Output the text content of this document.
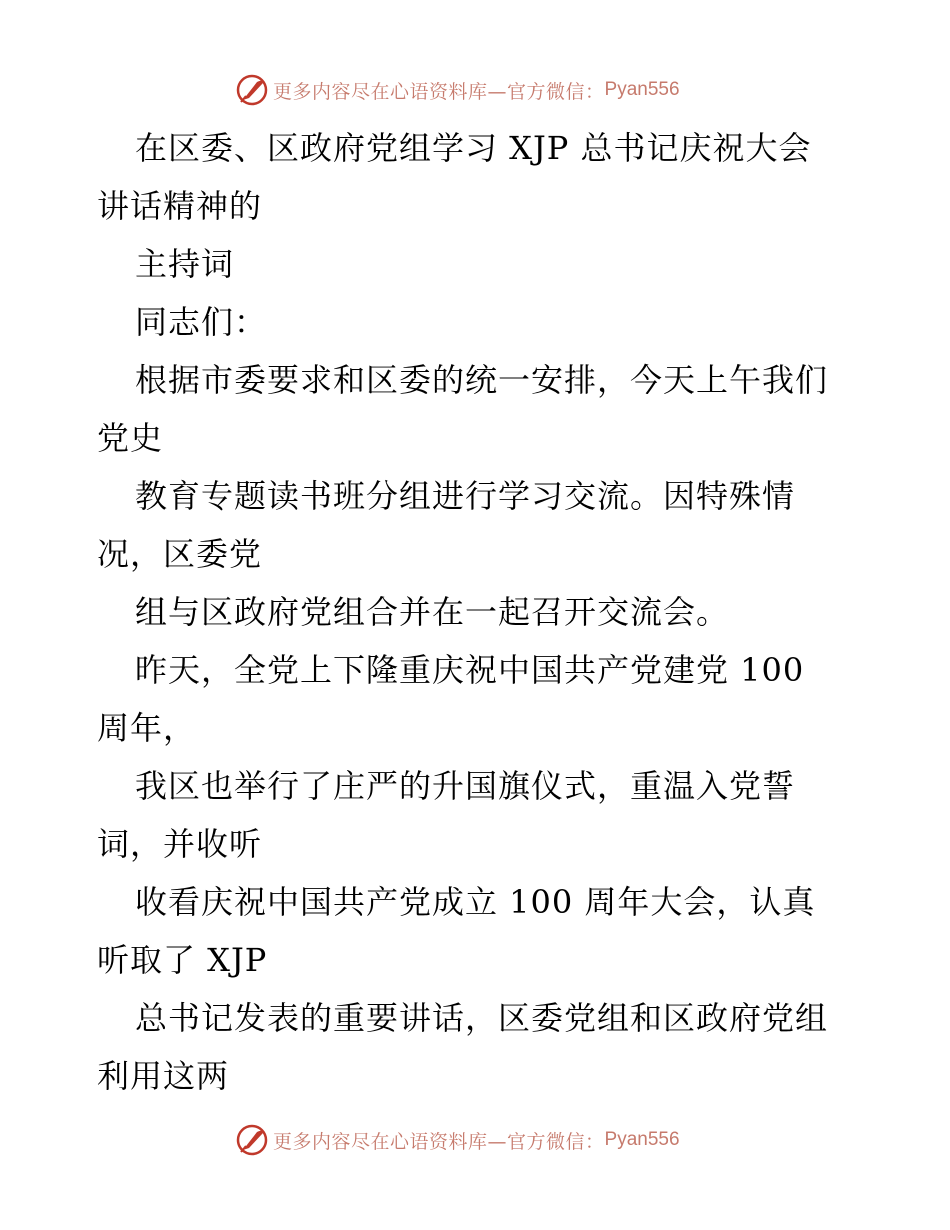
更多内容尽在心语资料库—官方微信： Pyan556
在区委、区政府党组学习 XJP 总书记庆祝大会
讲话精神的
主持词
同志们：
根据市委要求和区委的统一安排，今天上午我们
党史
教育专题读书班分组进行学习交流。因特殊情
况，区委党
组与区政府党组合并在一起召开交流会。
昨天，全党上下隆重庆祝中国共产党建党 100
周年，
我区也举行了庄严的升国旗仪式，重温入党誓
词，并收听
收看庆祝中国共产党成立 100 周年大会，认真
听取了 XJP
总书记发表的重要讲话，区委党组和区政府党组
利用这两
更多内容尽在心语资料库—官方微信： Pyan556
